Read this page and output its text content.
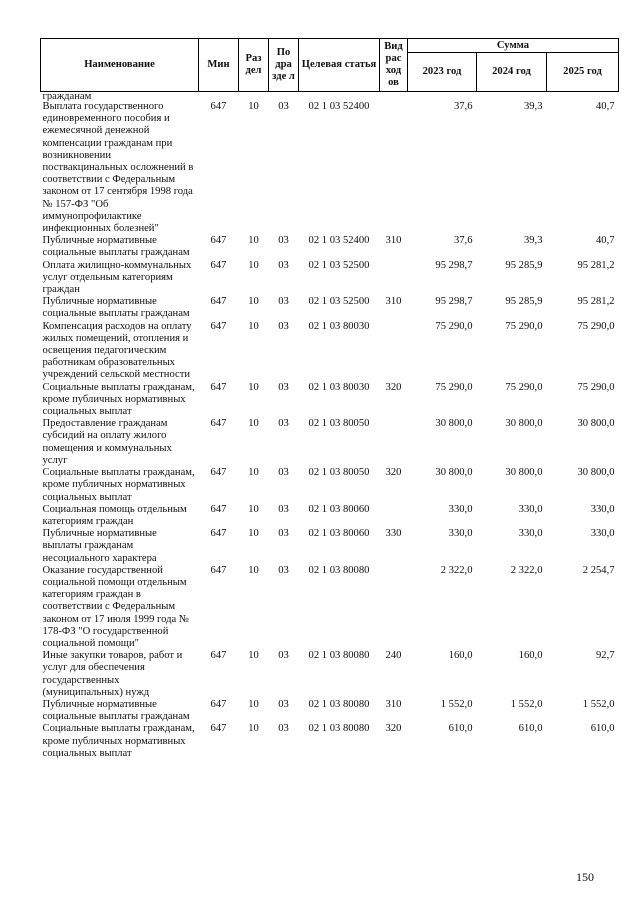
Наименование	Мин	Раз дел	По дра зде л	Целевая статья	Вид рас ход ов	Сумма		
						2023 год	2024 год	2025 год
гражданам								
Выплата государственного единовременного пособия и ежемесячной денежной компенсации гражданам при возникновении поствакцинальных осложнений в соответствии с Федеральным законом от 17 сентября 1998 года № 157-ФЗ "Об иммунопрофилактике инфекционных болезней"	647	10	03	02 1 03 52400		37,6	39,3	40,7
Публичные нормативные социальные выплаты гражданам	647	10	03	02 1 03 52400	310	37,6	39,3	40,7
Оплата жилищно-коммунальных услуг отдельным категориям граждан	647	10	03	02 1 03 52500		95 298,7	95 285,9	95 281,2
Публичные нормативные социальные выплаты гражданам	647	10	03	02 1 03 52500	310	95 298,7	95 285,9	95 281,2
Компенсация расходов на оплату жилых помещений, отопления и освещения педагогическим работникам образовательных учреждений сельской местности	647	10	03	02 1 03 80030		75 290,0	75 290,0	75 290,0
Социальные выплаты гражданам, кроме публичных нормативных социальных выплат	647	10	03	02 1 03 80030	320	75 290,0	75 290,0	75 290,0
Предоставление гражданам субсидий на оплату жилого помещения и коммунальных услуг	647	10	03	02 1 03 80050		30 800,0	30 800,0	30 800,0
Социальные выплаты гражданам, кроме публичных нормативных социальных выплат	647	10	03	02 1 03 80050	320	30 800,0	30 800,0	30 800,0
Социальная помощь отдельным категориям граждан	647	10	03	02 1 03 80060		330,0	330,0	330,0
Публичные нормативные выплаты гражданам несоциального характера	647	10	03	02 1 03 80060	330	330,0	330,0	330,0
Оказание государственной социальной помощи отдельным категориям граждан в соответствии с Федеральным законом от 17 июля 1999 года № 178-ФЗ "О государственной социальной помощи"	647	10	03	02 1 03 80080		2 322,0	2 322,0	2 254,7
Иные закупки товаров, работ и услуг для обеспечения государственных (муниципальных) нужд	647	10	03	02 1 03 80080	240	160,0	160,0	92,7
Публичные нормативные социальные выплаты гражданам	647	10	03	02 1 03 80080	310	1 552,0	1 552,0	1 552,0
Социальные выплаты гражданам, кроме публичных нормативных социальных выплат	647	10	03	02 1 03 80080	320	610,0	610,0	610,0
150
